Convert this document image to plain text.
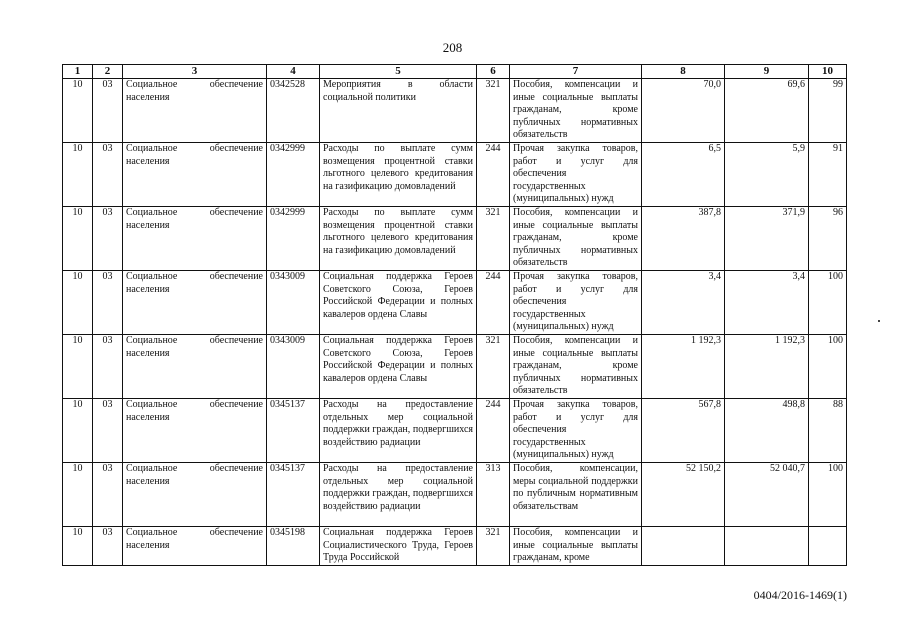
208
1	2	3	4	5	6	7	8	9	10
10	03	Социальное обеспечение населения	0342528	Мероприятия в области социальной политики	321	Пособия, компенсации и иные социальные выплаты гражданам, кроме публичных нормативных обязательств	70,0	69,6	99
10	03	Социальное обеспечение населения	0342999	Расходы по выплате сумм возмещения процентной ставки льготного целевого кредитования на газификацию домовладений	244	Прочая закупка товаров, работ и услуг для обеспечения государственных (муниципальных) нужд	6,5	5,9	91
10	03	Социальное обеспечение населения	0342999	Расходы по выплате сумм возмещения процентной ставки льготного целевого кредитования на газификацию домовладений	321	Пособия, компенсации и иные социальные выплаты гражданам, кроме публичных нормативных обязательств	387,8	371,9	96
10	03	Социальное обеспечение населения	0343009	Социальная поддержка Героев Советского Союза, Героев Российской Федерации и полных кавалеров ордена Славы	244	Прочая закупка товаров, работ и услуг для обеспечения государственных (муниципальных) нужд	3,4	3,4	100
10	03	Социальное обеспечение населения	0343009	Социальная поддержка Героев Советского Союза, Героев Российской Федерации и полных кавалеров ордена Славы	321	Пособия, компенсации и иные социальные выплаты гражданам, кроме публичных нормативных обязательств	1 192,3	1 192,3	100
10	03	Социальное обеспечение населения	0345137	Расходы на предоставление отдельных мер социальной поддержки граждан, подвергшихся воздействию радиации	244	Прочая закупка товаров, работ и услуг для обеспечения государственных (муниципальных) нужд	567,8	498,8	88
10	03	Социальное обеспечение населения	0345137	Расходы на предоставление отдельных мер социальной поддержки граждан, подвергшихся воздействию радиации	313	Пособия, компенсации, меры социальной поддержки по публичным нормативным обязательствам	52 150,2	52 040,7	100
10	03	Социальное обеспечение населения	0345198	Социальная поддержка Героев Социалистического Труда, Героев Труда Российской	321	Пособия, компенсации и иные социальные выплаты гражданам, кроме			
0404/2016-1469(1)
